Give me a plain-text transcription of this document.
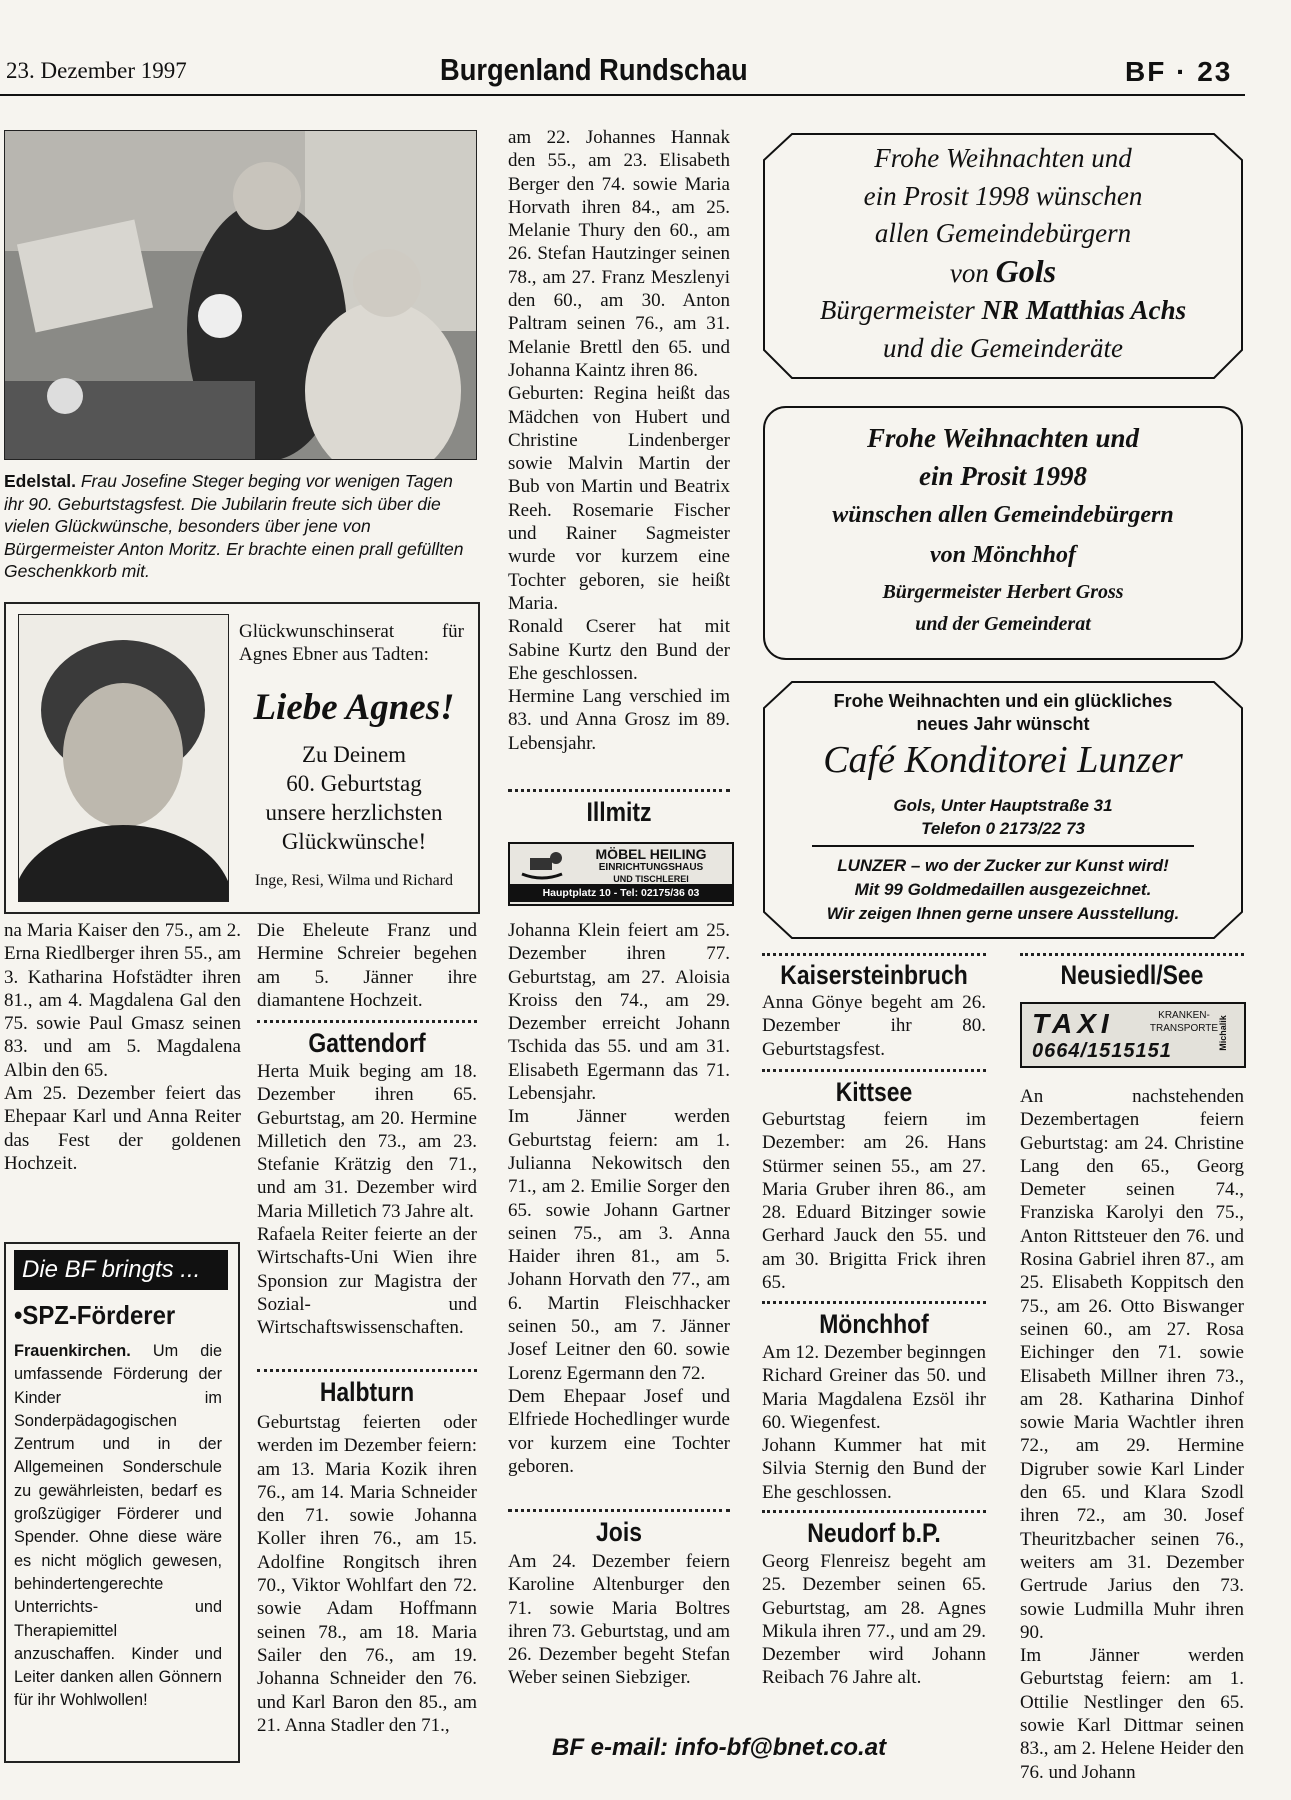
23. Dezember 1997	Burgenland Rundschau	BF · 23
Edelstal. Frau Josefine Steger beging vor wenigen Tagen ihr 90. Geburtstagsfest. Die Jubilarin freute sich über die vielen Glückwünsche, besonders über jene von Bürgermeister Anton Moritz. Er brachte einen prall gefüllten Geschenkkorb mit.
Glückwunschinserat für Agnes Ebner aus Tadten:
Liebe Agnes!
Zu Deinem
60. Geburtstag
unsere herzlichsten
Glückwünsche!
Inge, Resi, Wilma und Richard

na Maria Kaiser den 75., am 2. Erna Riedlberger ihren 55., am 3. Katharina Hofstädter ihren 81., am 4. Magdalena Gal den 75. sowie Paul Gmasz seinen 83. und am 5. Magdalena Albin den 65.

Am 25. Dezember feiert das Ehepaar Karl und Anna Reiter das Fest der goldenen Hochzeit.

Die BF bringts ...
•SPZ-Förderer
Frauenkirchen. Um die umfassende Förderung der Kinder im Sonderpädagogischen Zentrum und in der Allgemeinen Sonderschule zu gewährleisten, bedarf es großzügiger Förderer und Spender. Ohne diese wäre es nicht möglich gewesen, behindertengerechte Unterrichts- und Therapiemittel anzuschaffen. Kinder und Leiter danken allen Gönnern für ihr Wohlwollen!
Die Eheleute Franz und Hermine Schreier begehen am 5. Jänner ihre diamantene Hochzeit.
Gattendorf

Herta Muik beging am 18. Dezember ihren 65. Geburtstag, am 20. Hermine Milletich den 73., am 23. Stefanie Krätzig den 71., und am 31. Dezember wird Maria Milletich 73 Jahre alt.

Rafaela Reiter feierte an der Wirtschafts-Uni Wien ihre Sponsion zur Magistra der Sozial- und Wirtschaftswissenschaften.

Halbturn
Geburtstag feierten oder werden im Dezember feiern: am 13. Maria Kozik ihren 76., am 14. Maria Schneider den 71. sowie Johanna Koller ihren 76., am 15. Adolfine Rongitsch ihren 70., Viktor Wohlfart den 72. sowie Adam Hoffmann seinen 78., am 18. Maria Sailer den 76., am 19. Johanna Schneider den 76. und Karl Baron den 85., am 21. Anna Stadler den 71.,

am 22. Johannes Hannak den 55., am 23. Elisabeth Berger den 74. sowie Maria Horvath ihren 84., am 25. Melanie Thury den 60., am 26. Stefan Hautzinger seinen 78., am 27. Franz Meszlenyi den 60., am 30. Anton Paltram seinen 76., am 31. Melanie Brettl den 65. und Johanna Kaintz ihren 86.

Geburten: Regina heißt das Mädchen von Hubert und Christine Lindenberger sowie Malvin Martin der Bub von Martin und Beatrix Reeh. Rosemarie Fischer und Rainer Sagmeister wurde vor kurzem eine Tochter geboren, sie heißt Maria.

Ronald Cserer hat mit Sabine Kurtz den Bund der Ehe geschlossen.

Hermine Lang verschied im 83. und Anna Grosz im 89. Lebensjahr.

Illmitz
MÖBEL HEILING
EINRICHTUNGSHAUS
UND TISCHLEREI
Hauptplatz 10 - Tel: 02175/36 03

Johanna Klein feiert am 25. Dezember ihren 77. Geburtstag, am 27. Aloisia Kroiss den 74., am 29. Dezember erreicht Johann Tschida das 55. und am 31. Elisabeth Egermann das 71. Lebensjahr.

Im Jänner werden Geburtstag feiern: am 1. Julianna Nekowitsch den 71., am 2. Emilie Sorger den 65. sowie Johann Gartner seinen 75., am 3. Anna Haider ihren 81., am 5. Johann Horvath den 77., am 6. Martin Fleischhacker seinen 50., am 7. Jänner Josef Leitner den 60. sowie Lorenz Egermann den 72.

Dem Ehepaar Josef und Elfriede Hochedlinger wurde vor kurzem eine Tochter geboren.

Jois
Am 24. Dezember feiern Karoline Altenburger den 71. sowie Maria Boltres ihren 73. Geburtstag, und am 26. Dezember begeht Stefan Weber seinen Siebziger.
Frohe Weihnachten und
ein Prosit 1998 wünschen
allen Gemeindebürgern
von Gols
Bürgermeister NR Matthias Achs
und die Gemeinderäte
Frohe Weihnachten und
ein Prosit 1998
wünschen allen Gemeindebürgern
von Mönchhof
Bürgermeister Herbert Gross
und der Gemeinderat
Frohe Weihnachten und ein glückliches
neues Jahr wünscht
Café Konditorei Lunzer
Gols, Unter Hauptstraße 31
Telefon 0 2173/22 73
LUNZER – wo der Zucker zur Kunst wird!
Mit 99 Goldmedaillen ausgezeichnet.
Wir zeigen Ihnen gerne unsere Ausstellung.
Kaisersteinbruch
Anna Gönye begeht am 26. Dezember ihr 80. Geburtstagsfest.
Kittsee
Geburtstag feiern im Dezember: am 26. Hans Stürmer seinen 55., am 27. Maria Gruber ihren 86., am 28. Eduard Bitzinger sowie Gerhard Jauck den 55. und am 30. Brigitta Frick ihren 65.
Mönchhof

Am 12. Dezember beginngen Richard Greiner das 50. und Maria Magdalena Ezsöl ihr 60. Wiegenfest.

Johann Kummer hat mit Silvia Sternig den Bund der Ehe geschlossen.

Neudorf b.P.
Georg Flenreisz begeht am 25. Dezember seinen 65. Geburtstag, am 28. Agnes Mikula ihren 77., und am 29. Dezember wird Johann Reibach 76 Jahre alt.
Neusiedl/See
TAXI	KRANKEN-
TRANSPORTE
0664/1515151
Michalik

An nachstehenden Dezembertagen feiern Geburtstag: am 24. Christine Lang den 65., Georg Demeter seinen 74., Franziska Karolyi den 75., Anton Rittsteuer den 76. und Rosina Gabriel ihren 87., am 25. Elisabeth Koppitsch den 75., am 26. Otto Biswanger seinen 60., am 27. Rosa Eichinger den 71. sowie Elisabeth Millner ihren 73., am 28. Katharina Dinhof sowie Maria Wachtler ihren 72., am 29. Hermine Digruber sowie Karl Linder den 65. und Klara Szodl ihren 72., am 30. Josef Theuritzbacher seinen 76., weiters am 31. Dezember Gertrude Jarius den 73. sowie Ludmilla Muhr ihren 90.

Im Jänner werden Geburtstag feiern: am 1. Ottilie Nestlinger den 65. sowie Karl Dittmar seinen 83., am 2. Helene Heider den 76. und Johann

BF e-mail: info-bf@bnet.co.at
